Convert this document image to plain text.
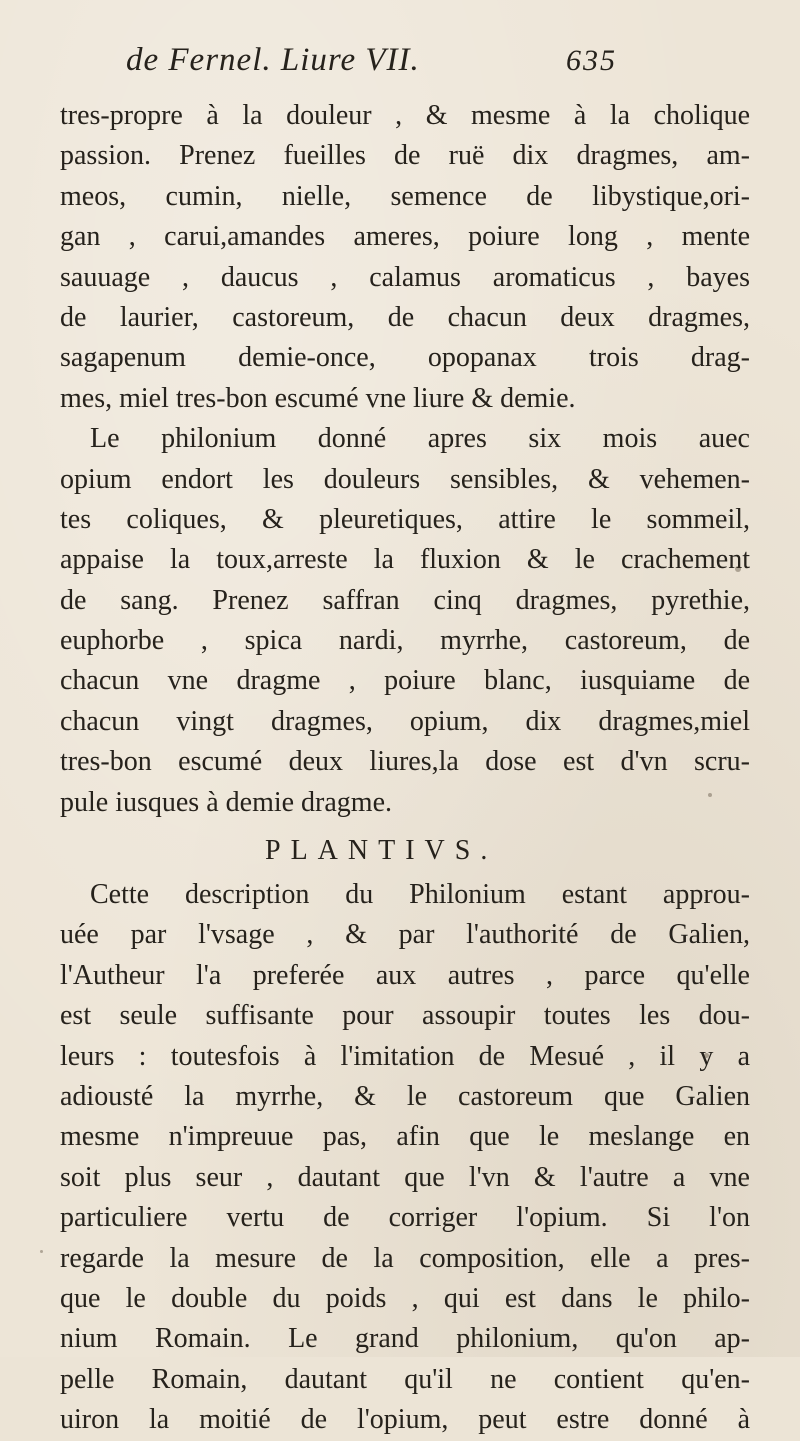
de Fernel. Liure VII.	635
tres-propre à la douleur , & mesme à la cholique
passion. Prenez fueilles de ruë dix dragmes, am-
meos, cumin, nielle, semence de libystique,ori-
gan , carui,amandes ameres, poiure long , mente
sauuage , daucus , calamus aromaticus , bayes
de laurier, castoreum, de chacun deux dragmes,
sagapenum demie-once, opopanax trois drag-
mes, miel tres-bon escumé vne liure & demie.
Le philonium donné apres six mois auec
opium endort les douleurs sensibles, & vehemen-
tes coliques, & pleuretiques, attire le sommeil,
appaise la toux,arreste la fluxion & le crachement
de sang. Prenez saffran cinq dragmes, pyrethie,
euphorbe , spica nardi, myrrhe, castoreum, de
chacun vne dragme , poiure blanc, iusquiame de
chacun vingt dragmes, opium, dix dragmes,miel
tres-bon escumé deux liures,la dose est d'vn scru-
pule iusques à demie dragme.
PLANTIVS.
Cette description du Philonium estant approu-
uée par l'vsage , & par l'authorité de Galien,
l'Autheur l'a preferée aux autres , parce qu'elle
est seule suffisante pour assoupir toutes les dou-
leurs : toutesfois à l'imitation de Mesué , il y a
adiousté la myrrhe, & le castoreum que Galien
mesme n'impreuue pas, afin que le meslange en
soit plus seur , dautant que l'vn & l'autre a vne
particuliere vertu de corriger l'opium. Si l'on
regarde la mesure de la composition, elle a pres-
que le double du poids , qui est dans le philo-
nium Romain. Le grand philonium, qu'on ap-
pelle Romain, dautant qu'il ne contient qu'en-
uiron la moitié de l'opium, peut estre donné à
